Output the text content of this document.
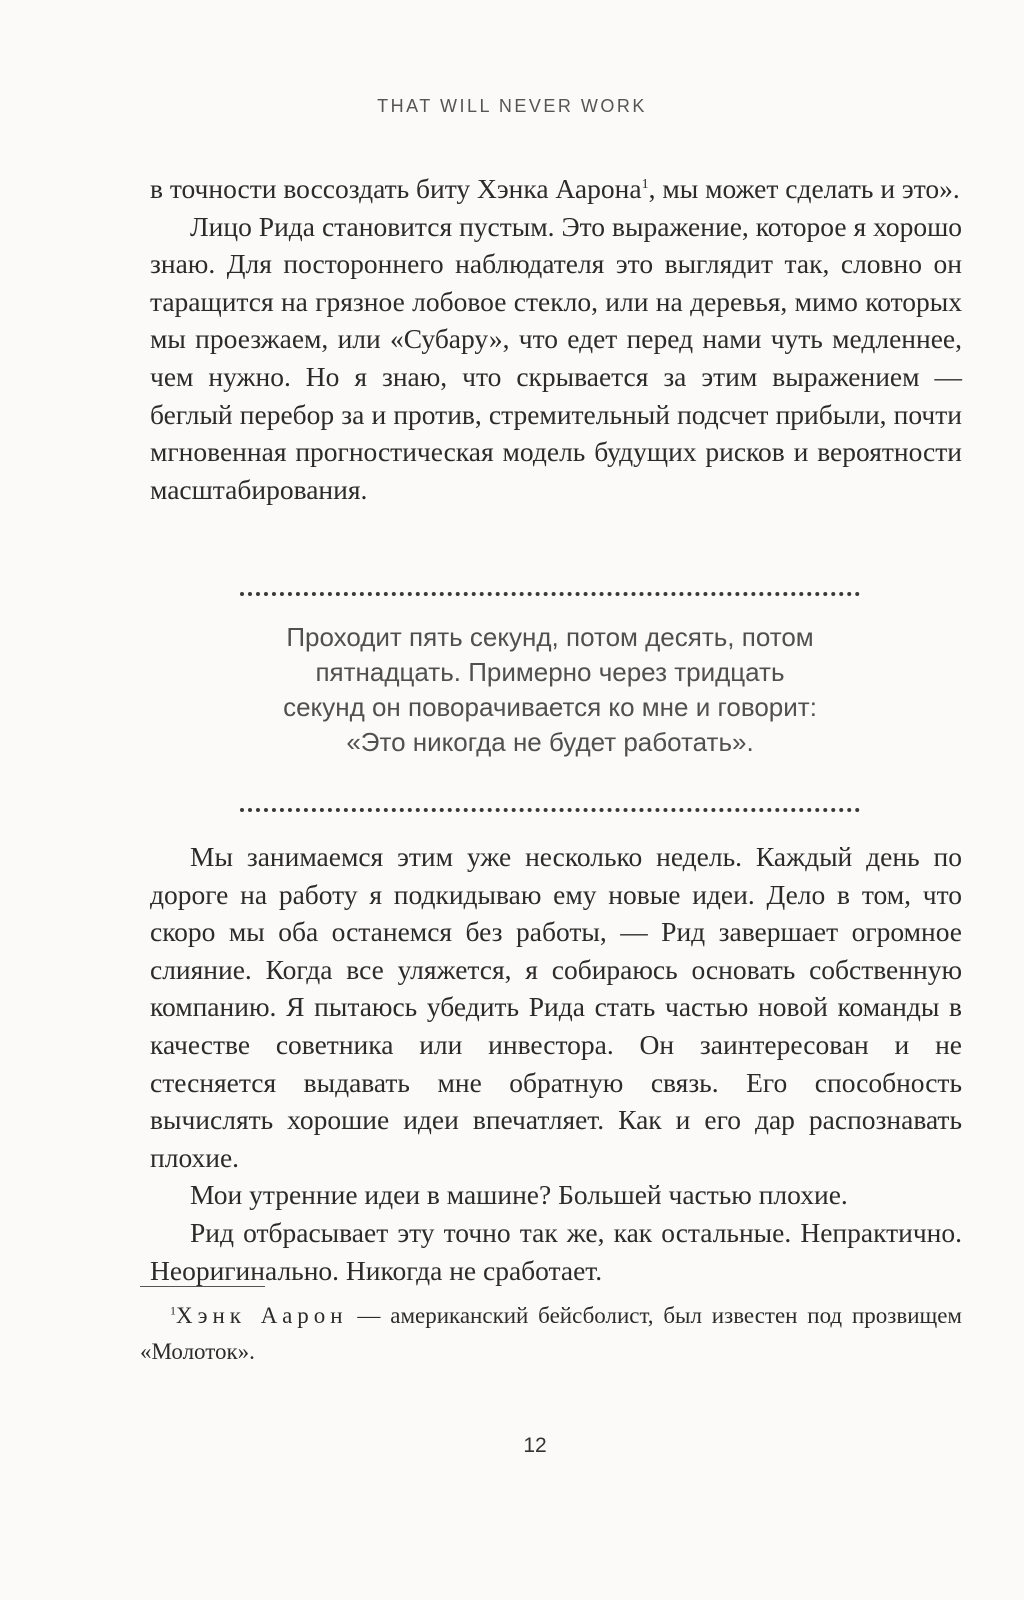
THAT WILL NEVER WORK

в точности воссоздать биту Хэнка Аарона$^1$, мы может сделать и это».

Лицо Рида становится пустым. Это выражение, которое я хорошо знаю. Для постороннего наблюдателя это выглядит так, словно он таращится на грязное лобовое стекло, или на деревья, мимо которых мы проезжаем, или «Субару», что едет перед нами чуть медленнее, чем нужно. Но я знаю, что скрывается за этим выражением — беглый перебор за и против, стремительный подсчет прибыли, почти мгновенная прогностическая модель будущих рисков и вероятности масштабирования.

Проходит пять секунд, потом десять, потом
пятнадцать. Примерно через тридцать
секунд он поворачивается ко мне и говорит:
«Это никогда не будет работать».

Мы занимаемся этим уже несколько недель. Каждый день по дороге на работу я подкидываю ему новые идеи. Дело в том, что скоро мы оба останемся без работы, — Рид завершает огромное слияние. Когда все уляжется, я собираюсь основать собственную компанию. Я пытаюсь убедить Рида стать частью новой команды в качестве советника или инвестора. Он заинтересован и не стесняется выдавать мне обратную связь. Его способность вычислять хорошие идеи впечатляет. Как и его дар распознавать плохие.

Мои утренние идеи в машине? Большей частью плохие.

Рид отбрасывает эту точно так же, как остальные. Непрактично. Неоригинально. Никогда не сработает.

$^1$Хэнк Аарон — американский бейсболист, был известен под прозвищем «Молоток».

12
